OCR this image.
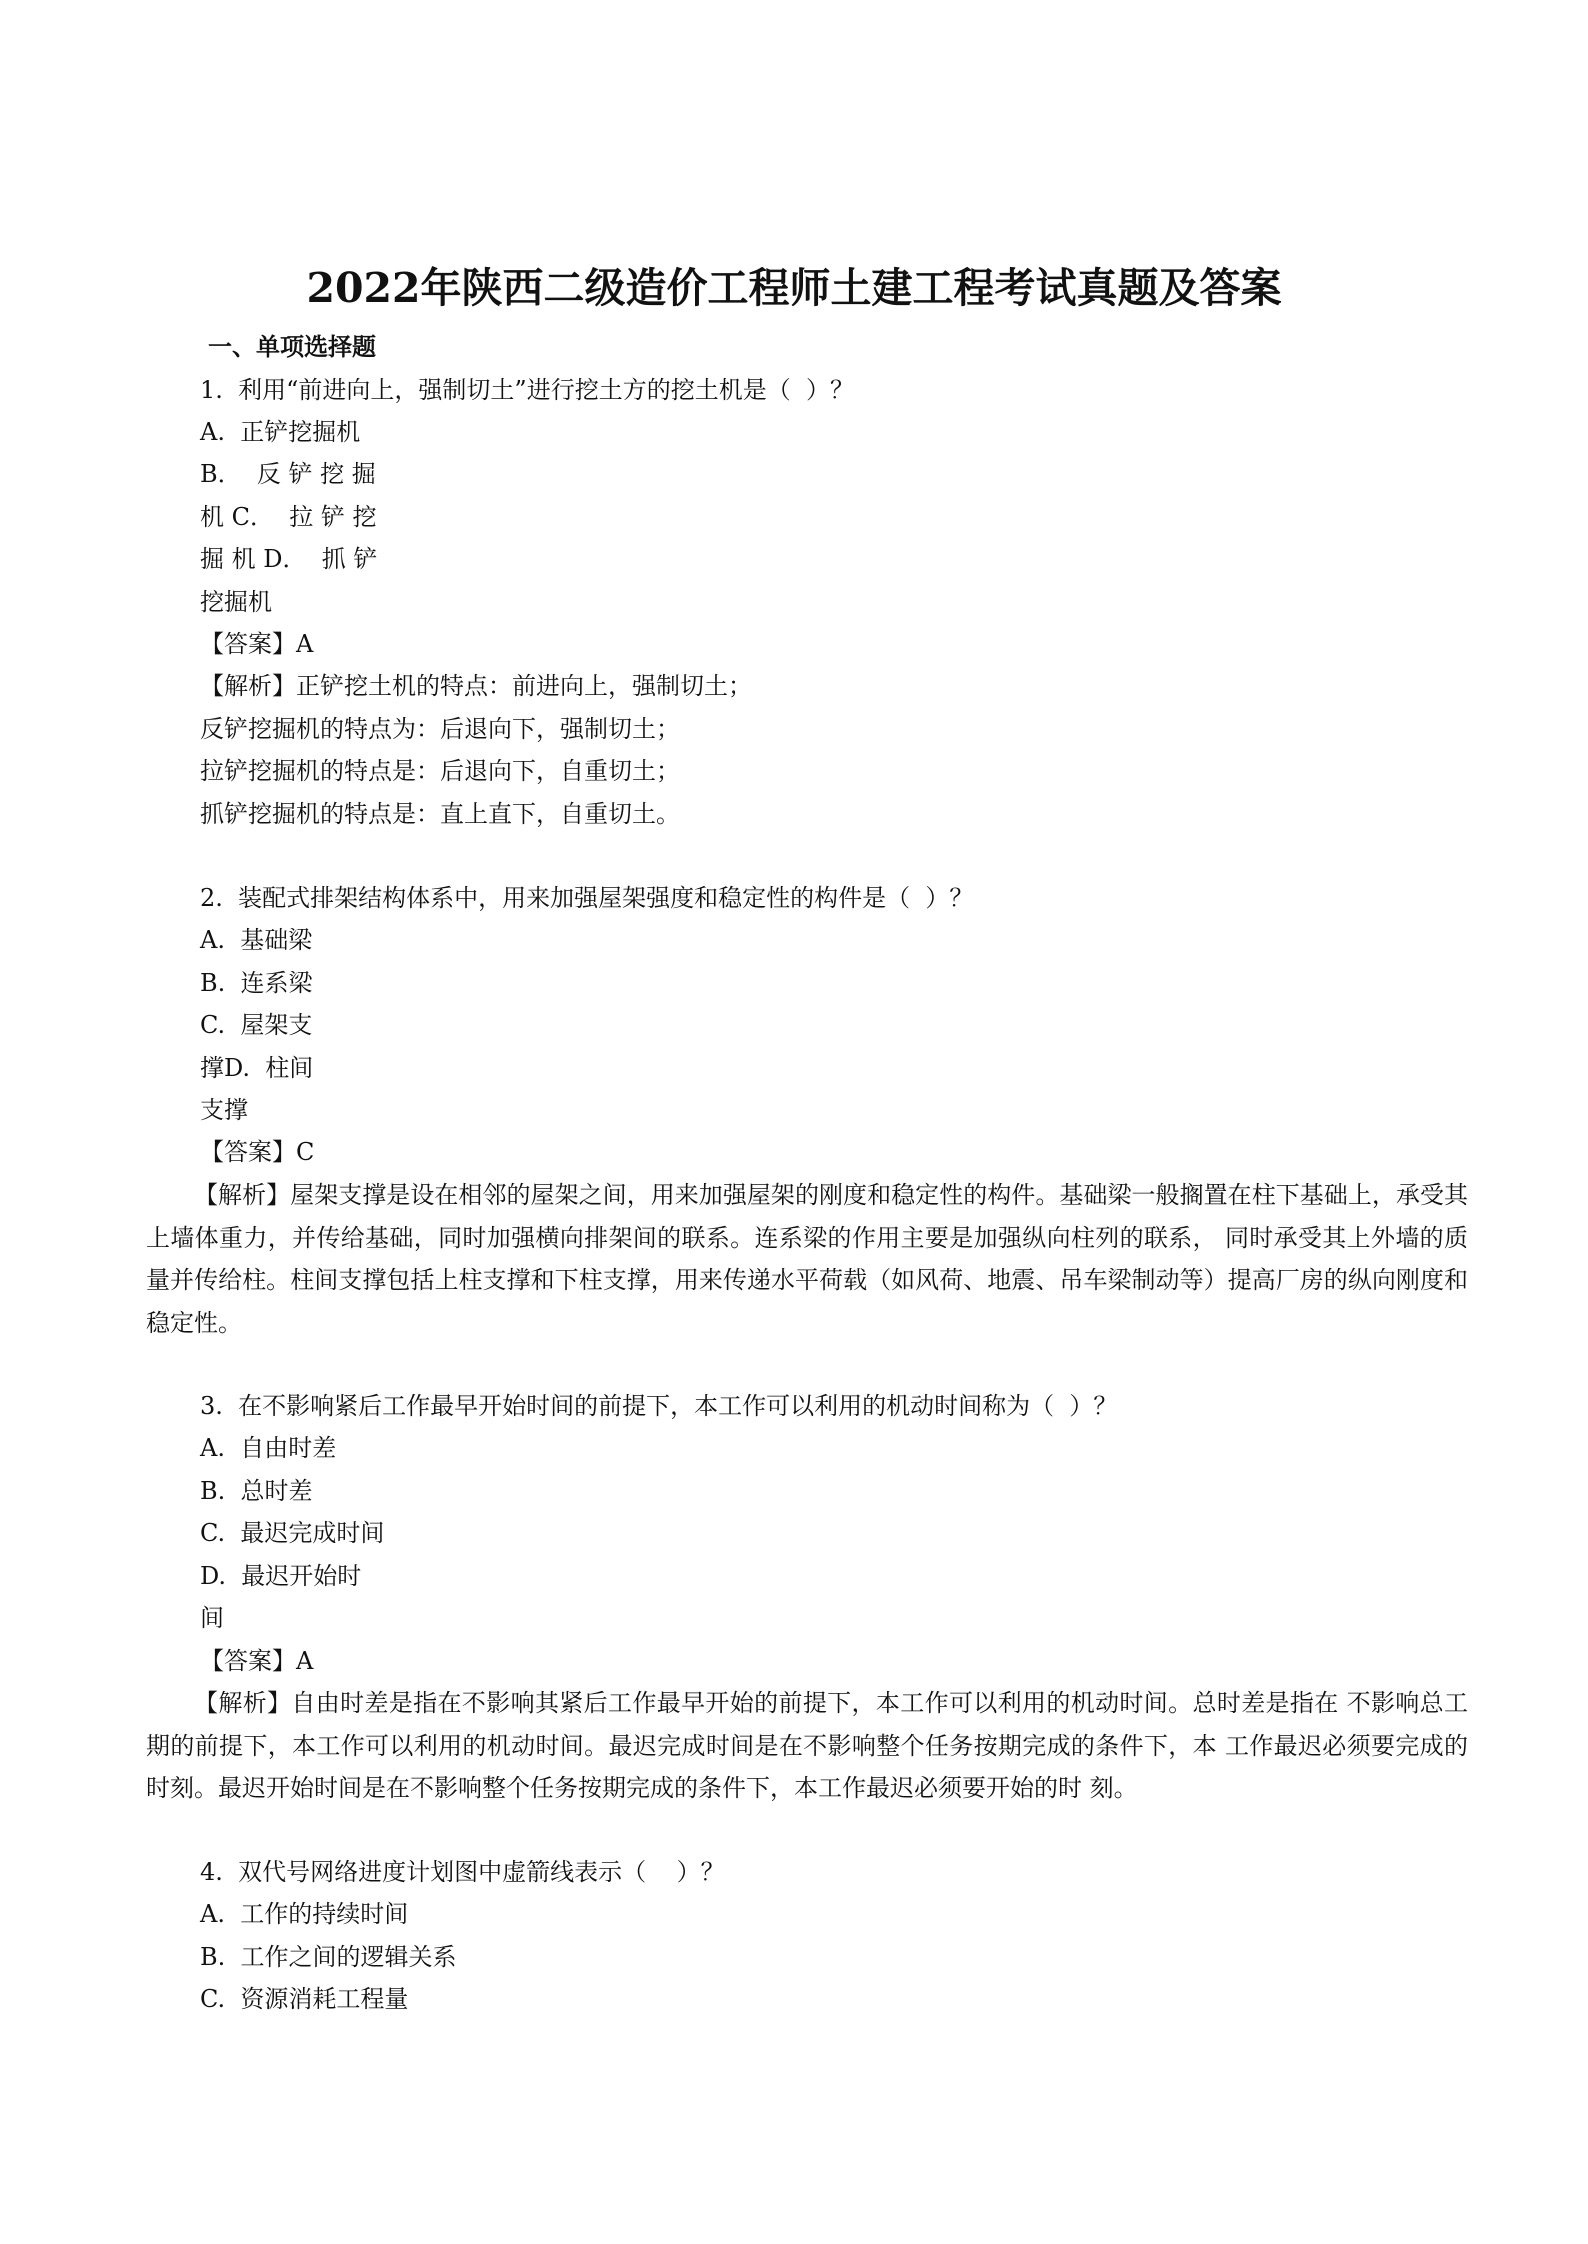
2022年陕西二级造价工程师土建工程考试真题及答案
一、单项选择题
1.  利用“前进向上，强制切土”进行挖土方的挖土机是（  ）？
A.  正铲挖掘机
B．  反 铲 挖 掘
机 C．  拉 铲 挖
掘 机 D．  抓 铲
挖掘机
【答案】A
【解析】正铲挖土机的特点：前进向上，强制切土；
反铲挖掘机的特点为：后退向下，强制切土；
拉铲挖掘机的特点是：后退向下，自重切土；
抓铲挖掘机的特点是：直上直下，自重切土。
2.  装配式排架结构体系中，用来加强屋架强度和稳定性的构件是（  ）？
A.  基础梁
B.  连系梁
C.  屋架支
撑D.  柱间
支撑
【答案】C
【解析】屋架支撑是设在相邻的屋架之间，用来加强屋架的刚度和稳定性的构件。基础梁一般搁置在柱下基础上，承受其上墙体重力，并传给基础，同时加强横向排架间的联系。连系梁的作用主要是加强纵向柱列的联系， 同时承受其上外墙的质量并传给柱。柱间支撑包括上柱支撑和下柱支撑，用来传递水平荷载（如风荷、地震、吊车梁制动等）提高厂房的纵向刚度和稳定性。
3.  在不影响紧后工作最早开始时间的前提下，本工作可以利用的机动时间称为（  ）？
A.  自由时差
B.  总时差
C.  最迟完成时间
D.  最迟开始时
间
【答案】A
【解析】自由时差是指在不影响其紧后工作最早开始的前提下，本工作可以利用的机动时间。总时差是指在 不影响总工期的前提下，本工作可以利用的机动时间。最迟完成时间是在不影响整个任务按期完成的条件下，本 工作最迟必须要完成的时刻。最迟开始时间是在不影响整个任务按期完成的条件下，本工作最迟必须要开始的时 刻。
4.  双代号网络进度计划图中虚箭线表示（    ）？
A.  工作的持续时间
B.  工作之间的逻辑关系
C.  资源消耗工程量
